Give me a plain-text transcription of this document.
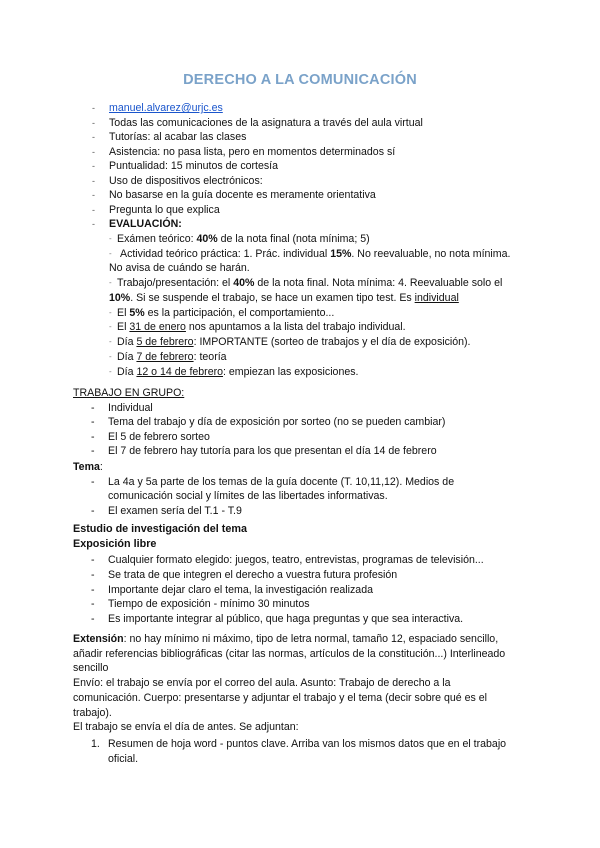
DERECHO A LA COMUNICACIÓN
- manuel.alvarez@urjc.es
- Todas las comunicaciones de la asignatura a través del aula virtual
- Tutorías: al acabar las clases
- Asistencia: no pasa lista, pero en momentos determinados sí
- Puntualidad: 15 minutos de cortesía
- Uso de dispositivos electrónicos:
- No basarse en la guía docente es meramente orientativa
- Pregunta lo que explica
- EVALUACIÓN:
- Exámen teórico: 40% de la nota final (nota mínima; 5)
- Actividad teórico práctica: 1. Prác. individual 15%. No reevaluable, no nota mínima.
No avisa de cuándo se harán.
- Trabajo/presentación: el 40% de la nota final. Nota mínima: 4. Reevaluable solo el
10%. Si se suspende el trabajo, se hace un examen tipo test. Es individual
- El 5% es la participación, el comportamiento...
- El 31 de enero nos apuntamos a la lista del trabajo individual.
- Día 5 de febrero: IMPORTANTE (sorteo de trabajos y el día de exposición).
- Día 7 de febrero: teoría
- Día 12 o 14 de febrero: empiezan las exposiciones.
TRABAJO EN GRUPO:
- Individual
- Tema del trabajo y día de exposición por sorteo (no se pueden cambiar)
- El 5 de febrero sorteo
- El 7 de febrero hay tutoría para los que presentan el día 14 de febrero
Tema:
- La 4a y 5a parte de los temas de la guía docente (T. 10,11,12). Medios de
comunicación social y límites de las libertades informativas.
- El examen sería del T.1 - T.9
Estudio de investigación del tema
Exposición libre
- Cualquier formato elegido: juegos, teatro, entrevistas, programas de televisión...
- Se trata de que integren el derecho a vuestra futura profesión
- Importante dejar claro el tema, la investigación realizada
- Tiempo de exposición - mínimo 30 minutos
- Es importante integrar al público, que haga preguntas y que sea interactiva.
Extensión: no hay mínimo ni máximo, tipo de letra normal, tamaño 12, espaciado sencillo,
añadir referencias bibliográficas (citar las normas, artículos de la constitución...) Interlineado
sencillo
Envío: el trabajo se envía por el correo del aula. Asunto: Trabajo de derecho a la
comunicación. Cuerpo: presentarse y adjuntar el trabajo y el tema (decir sobre qué es el
trabajo).
El trabajo se envía el día de antes. Se adjuntan:
1. Resumen de hoja word - puntos clave. Arriba van los mismos datos que en el trabajo
oficial.
